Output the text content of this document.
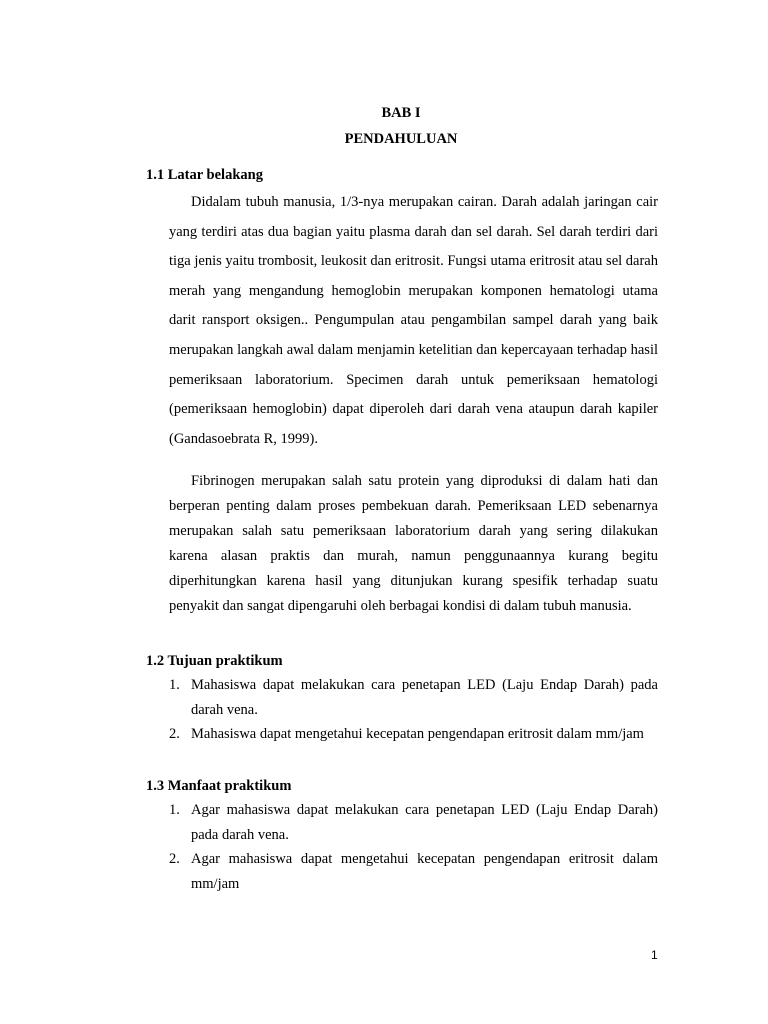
BAB I
PENDAHULUAN
1.1 Latar belakang

Didalam tubuh manusia, 1/3-nya merupakan cairan. Darah adalah jaringan cair yang terdiri atas dua bagian yaitu plasma darah dan sel darah. Sel darah terdiri dari tiga jenis yaitu trombosit, leukosit dan eritrosit. Fungsi utama eritrosit atau sel darah merah yang mengandung hemoglobin merupakan komponen hematologi utama darit ransport oksigen.. Pengumpulan atau pengambilan sampel darah yang baik merupakan langkah awal dalam menjamin ketelitian dan kepercayaan terhadap hasil pemeriksaan laboratorium. Specimen darah untuk pemeriksaan hematologi (pemeriksaan hemoglobin) dapat diperoleh dari darah vena ataupun darah kapiler (Gandasoebrata R, 1999).

Fibrinogen merupakan salah satu protein yang diproduksi di dalam hati dan berperan penting dalam proses pembekuan darah. Pemeriksaan LED sebenarnya merupakan salah satu pemeriksaan laboratorium darah yang sering dilakukan karena alasan praktis dan murah, namun penggunaannya kurang begitu diperhitungkan karena hasil yang ditunjukan kurang spesifik terhadap suatu penyakit dan sangat dipengaruhi oleh berbagai kondisi di dalam tubuh manusia.

1.2 Tujuan praktikum
1. Mahasiswa dapat melakukan cara penetapan LED (Laju Endap Darah) pada darah vena.
2. Mahasiswa dapat mengetahui kecepatan pengendapan eritrosit dalam mm/jam
1.3 Manfaat praktikum
1. Agar mahasiswa dapat melakukan cara penetapan LED (Laju Endap Darah) pada darah vena.
2. Agar mahasiswa dapat mengetahui kecepatan pengendapan eritrosit dalam mm/jam
1
